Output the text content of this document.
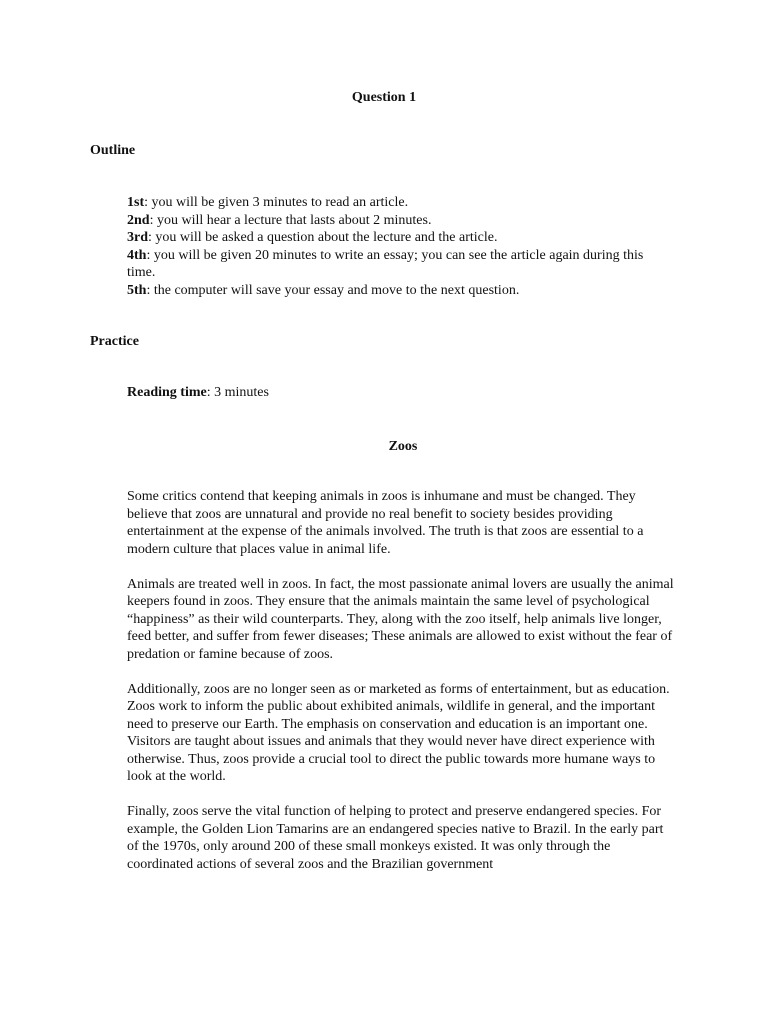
Question 1
Outline

1st: you will be given 3 minutes to read an article.

2nd: you will hear a lecture that lasts about 2 minutes.

3rd: you will be asked a question about the lecture and the article.

4th: you will be given 20 minutes to write an essay; you can see the article again during this time.

5th: the computer will save your essay and move to the next question.

Practice
Reading time: 3 minutes
Zoos

Some critics contend that keeping animals in zoos is inhumane and must be changed. They believe that zoos are unnatural and provide no real benefit to society besides providing entertainment at the expense of the animals involved. The truth is that zoos are essential to a modern culture that places value in animal life.

Animals are treated well in zoos. In fact, the most passionate animal lovers are usually the animal keepers found in zoos. They ensure that the animals maintain the same level of psychological “happiness” as their wild counterparts. They, along with the zoo itself, help animals live longer, feed better, and suffer from fewer diseases; These animals are allowed to exist without the fear of predation or famine because of zoos.

Additionally, zoos are no longer seen as or marketed as forms of entertainment, but as education. Zoos work to inform the public about exhibited animals, wildlife in general, and the important need to preserve our Earth. The emphasis on conservation and education is an important one. Visitors are taught about issues and animals that they would never have direct experience with otherwise. Thus, zoos provide a crucial tool to direct the public towards more humane ways to look at the world.

Finally, zoos serve the vital function of helping to protect and preserve endangered species. For example, the Golden Lion Tamarins are an endangered species native to Brazil. In the early part of the 1970s, only around 200 of these small monkeys existed. It was only through the coordinated actions of several zoos and the Brazilian government
